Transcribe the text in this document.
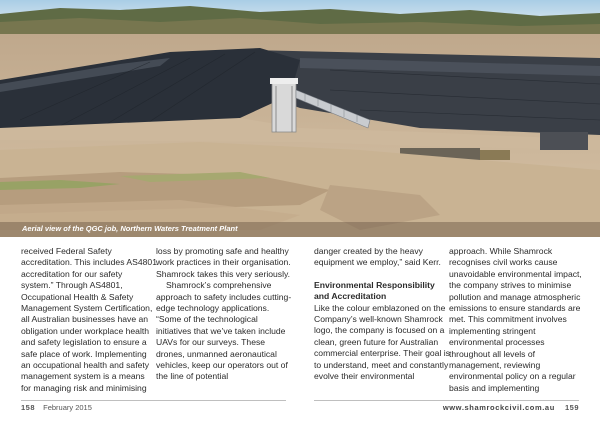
Aerial view of the QGC job, Northern Waters Treatment Plant

received Federal Safety accreditation. This includes AS4801 accreditation for our safety system.” Through AS4801, Occupational Health & Safety Management System Certification, all Australian businesses have an obligation under workplace health and safety legislation to ensure a safe place of work. Implementing an occupational health and safety management system is a means for managing risk and minimising

loss by promoting safe and healthy work practices in their organisation. Shamrock takes this very seriously.

Shamrock’s comprehensive approach to safety includes cutting-edge technology applications. “Some of the technological initiatives that we’ve taken include UAVs for our surveys. These drones, unmanned aeronautical vehicles, keep our operators out of the line of potential

danger created by the heavy equipment we employ,” said Kerr.

Environmental Responsibility and Accreditation

Like the colour emblazoned on the Company’s well-known Shamrock logo, the company is focused on a clean, green future for Australian commercial enterprise. Their goal is to understand, meet and constantly evolve their environmental

approach. While Shamrock recognises civil works cause unavoidable environmental impact, the company strives to minimise pollution and manage atmospheric emissions to ensure standards are met. This commitment involves implementing stringent environmental processes throughout all levels of management, reviewing environmental policy on a regular basis and implementing

158 February 2015	www.shamrockcivil.com.au 159
